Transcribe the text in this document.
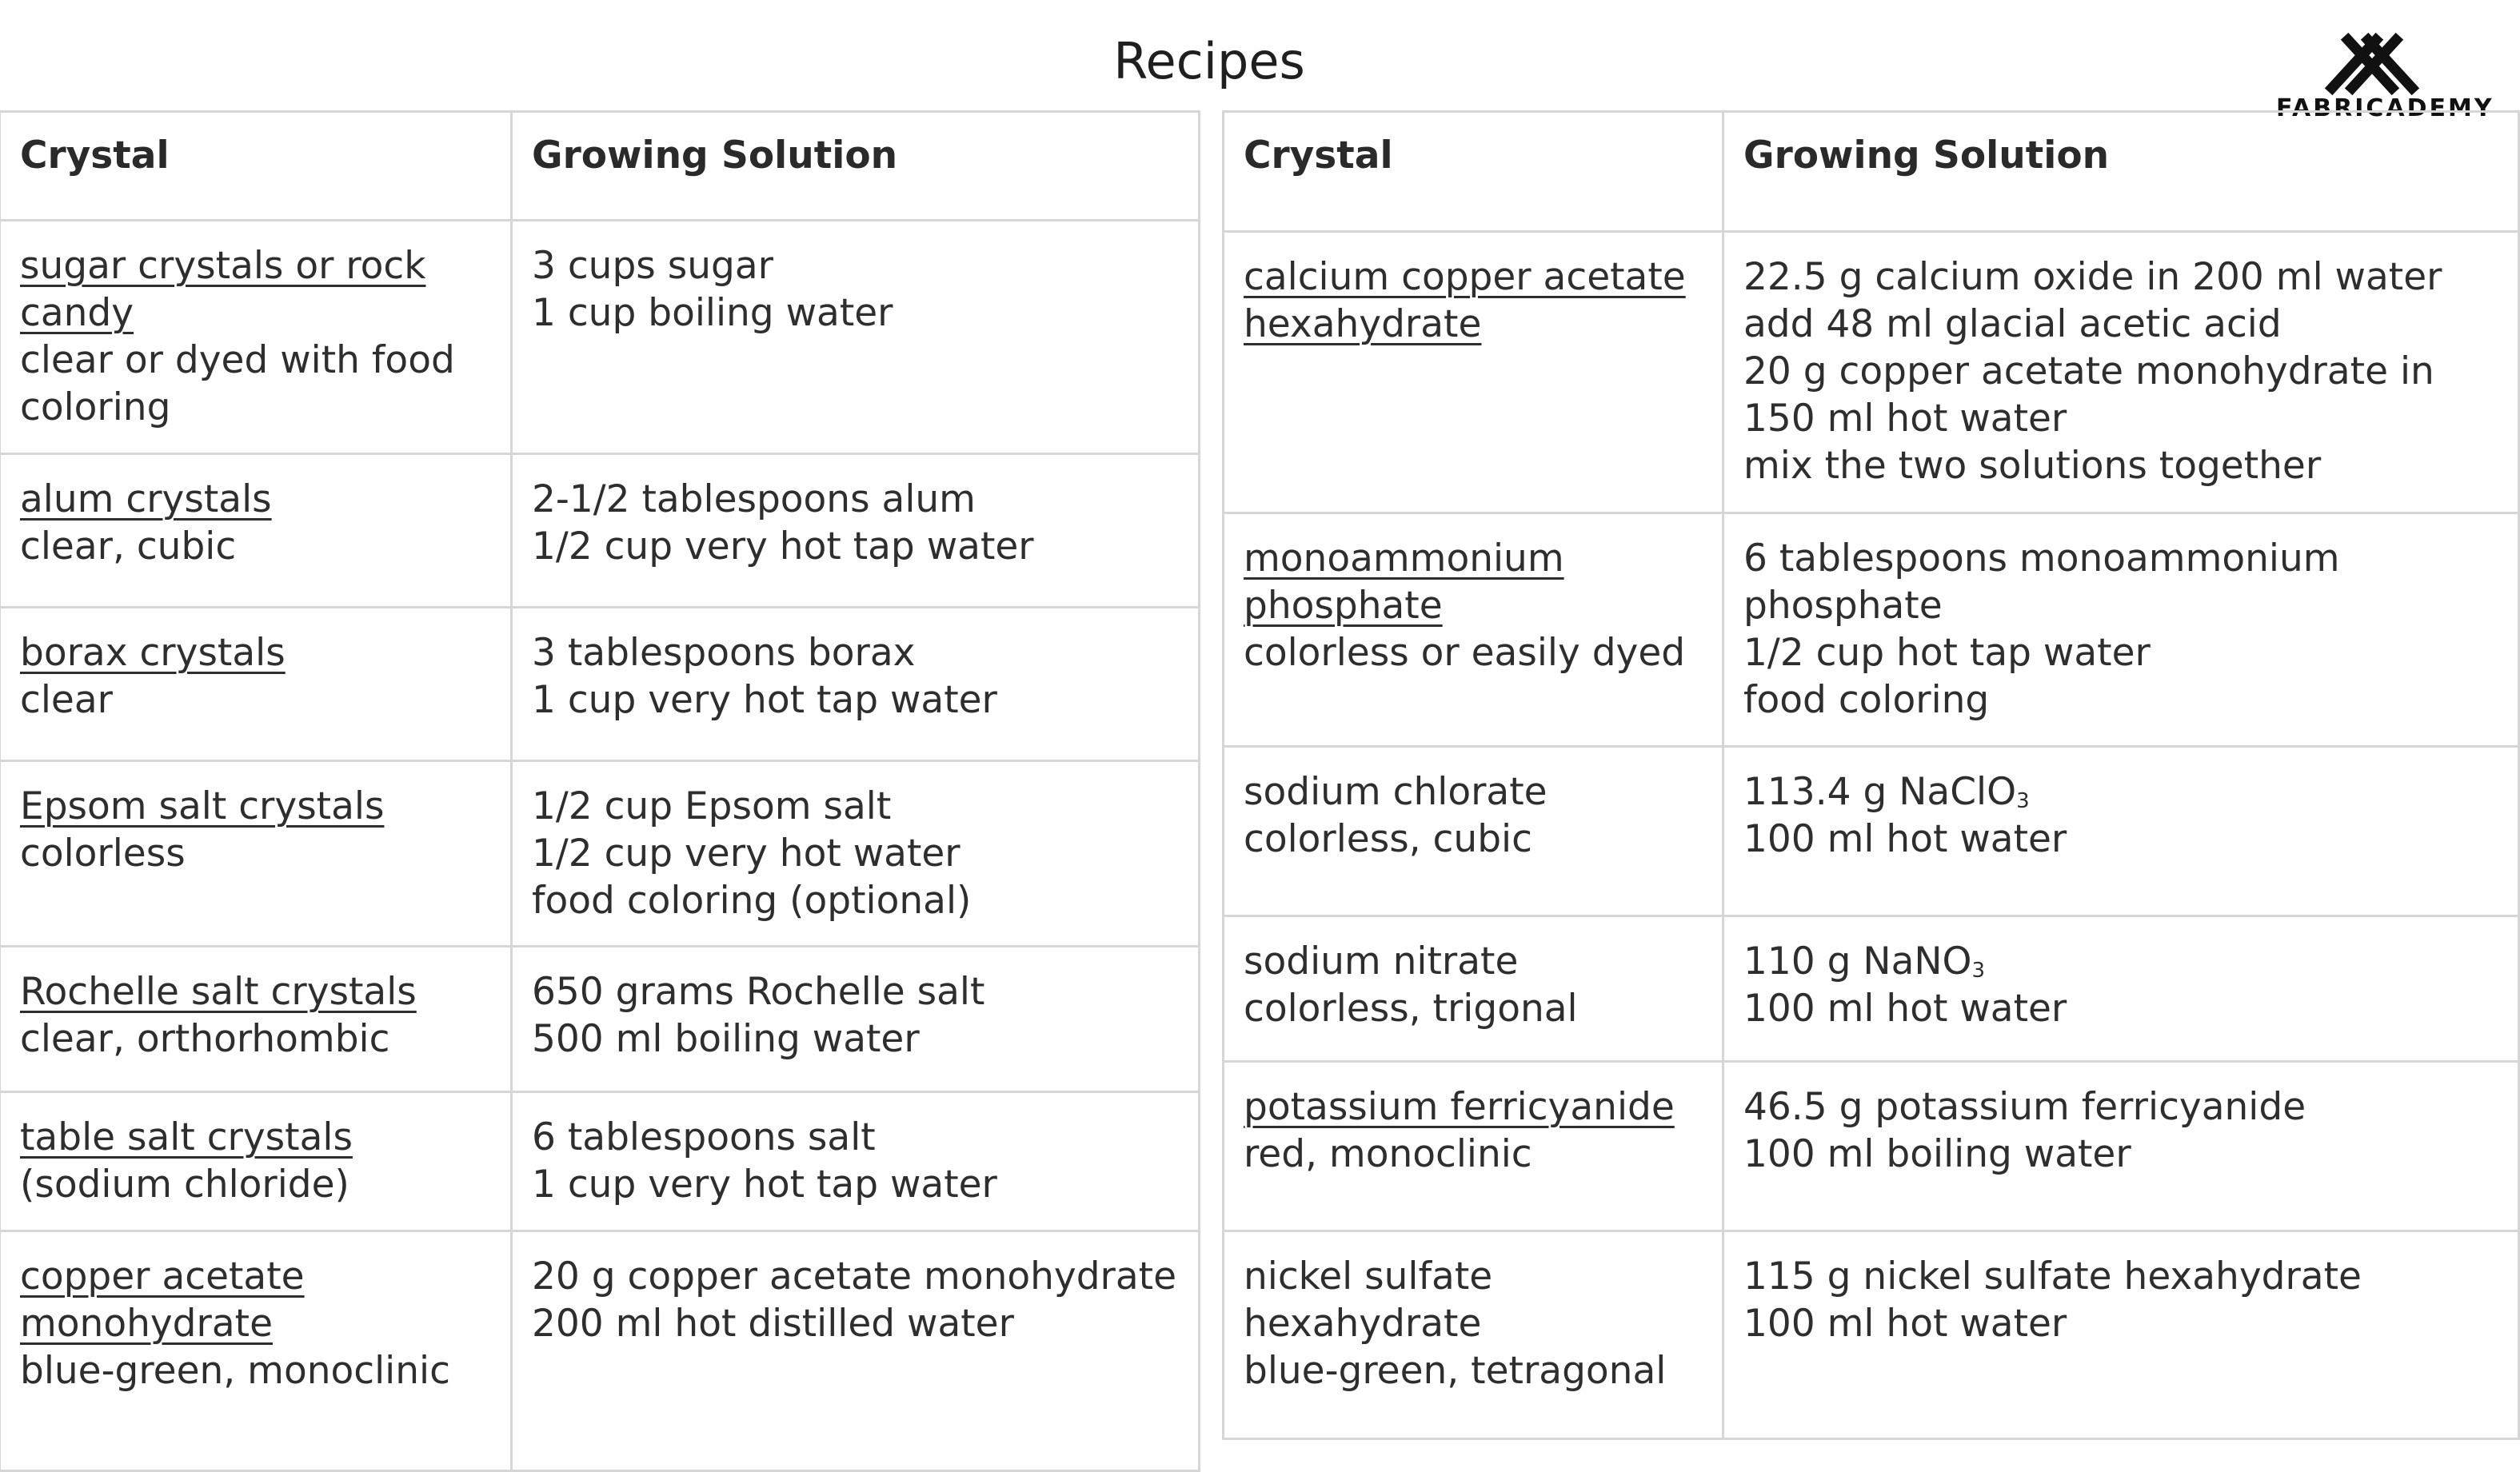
Recipes
FABRICADEMY
Crystal	Growing Solution

sugar crystals or rock candy
clear or dyed with food coloring	3 cups sugar
1 cup boiling water

alum crystals
clear, cubic	2-1/2 tablespoons alum
1/2 cup very hot tap water

borax crystals
clear	3 tablespoons borax
1 cup very hot tap water

Epsom salt crystals
colorless	1/2 cup Epsom salt
1/2 cup very hot water
food coloring (optional)

Rochelle salt crystals
clear, orthorhombic	650 grams Rochelle salt
500 ml boiling water

table salt crystals
(sodium chloride)	6 tablespoons salt
1 cup very hot tap water

copper acetate monohydrate
blue-green, monoclinic	20 g copper acetate monohydrate
200 ml hot distilled water
Crystal	Growing Solution

calcium copper acetate hexahydrate	22.5 g calcium oxide in 200 ml water
add 48 ml glacial acetic acid
20 g copper acetate monohydrate in 150 ml hot water
mix the two solutions together

monoammonium phosphate
colorless or easily dyed	6 tablespoons monoammonium phosphate
1/2 cup hot tap water
food coloring

sodium chlorate
colorless, cubic	113.4 g NaClO$_3$
100 ml hot water

sodium nitrate
colorless, trigonal	110 g NaNO$_3$
100 ml hot water

potassium ferricyanide
red, monoclinic	46.5 g potassium ferricyanide
100 ml boiling water

nickel sulfate hexahydrate
blue-green, tetragonal	115 g nickel sulfate hexahydrate
100 ml hot water
